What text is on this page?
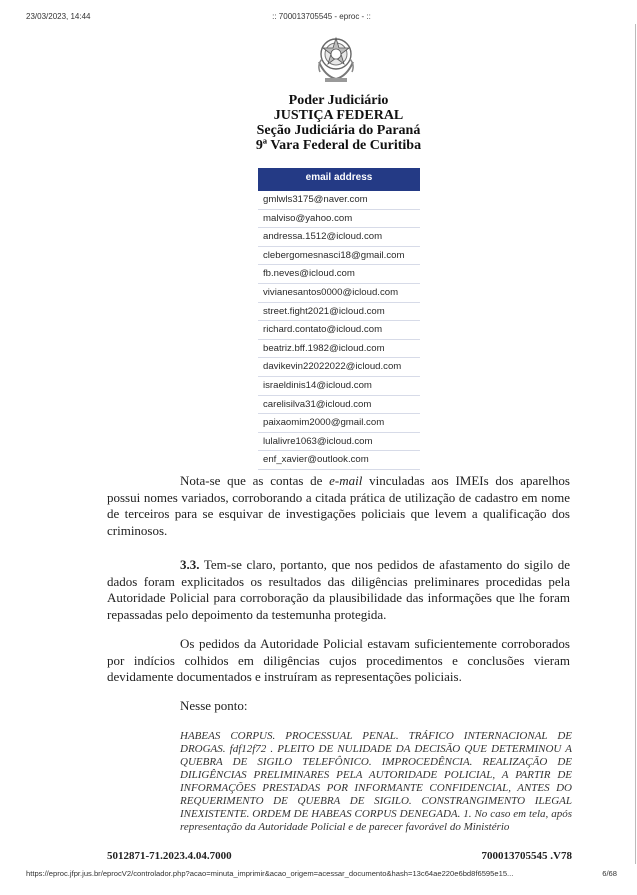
23/03/2023, 14:44	:: 700013705545 - eproc - ::
Poder Judiciário
JUSTIÇA FEDERAL
Seção Judiciária do Paraná
9ª Vara Federal de Curitiba
email address
gmlwls3175@naver.com
malviso@yahoo.com
andressa.1512@icloud.com
clebergomesnasci18@gmail.com
fb.neves@icloud.com
vivianesantos0000@icloud.com
street.fight2021@icloud.com
richard.contato@icloud.com
beatriz.bff.1982@icloud.com
davikevin22022022@icloud.com
israeldinis14@icloud.com
carelisilva31@icloud.com
paixaomim2000@gmail.com
lulalivre1063@icloud.com
enf_xavier@outlook.com

Nota-se que as contas de e-mail vinculadas aos IMEIs dos aparelhos possui nomes variados, corroborando a citada prática de utilização de cadastro em nome de terceiros para se esquivar de investigações policiais que levem a qualificação dos criminosos.

3.3. Tem-se claro, portanto, que nos pedidos de afastamento do sigilo de dados foram explicitados os resultados das diligências preliminares procedidas pela Autoridade Policial para corroboração da plausibilidade das informações que lhe foram repassadas pelo depoimento da testemunha protegida.

Os pedidos da Autoridade Policial estavam suficientemente corroborados por indícios colhidos em diligências cujos procedimentos e conclusões vieram devidamente documentados e instruíram as representações policiais.

Nesse ponto:

HABEAS CORPUS. PROCESSUAL PENAL. TRÁFICO INTERNACIONAL DE DROGAS. fdf12f72 . PLEITO DE NULIDADE DA DECISÃO QUE DETERMINOU A QUEBRA DE SIGILO TELEFÔNICO. IMPROCEDÊNCIA. REALIZAÇÃO DE DILIGÊNCIAS PRELIMINARES PELA AUTORIDADE POLICIAL, A PARTIR DE INFORMAÇÕES PRESTADAS POR INFORMANTE CONFIDENCIAL, ANTES DO REQUERIMENTO DE QUEBRA DE SIGILO. CONSTRANGIMENTO ILEGAL INEXISTENTE. ORDEM DE HABEAS CORPUS DENEGADA. 1. No caso em tela, após representação da Autoridade Policial e de parecer favorável do Ministério

5012871-71.2023.4.04.7000	700013705545 .V78
https://eproc.jfpr.jus.br/eprocV2/controlador.php?acao=minuta_imprimir&acao_origem=acessar_documento&hash=13c64ae220e6bd8f6595e15...	6/68
